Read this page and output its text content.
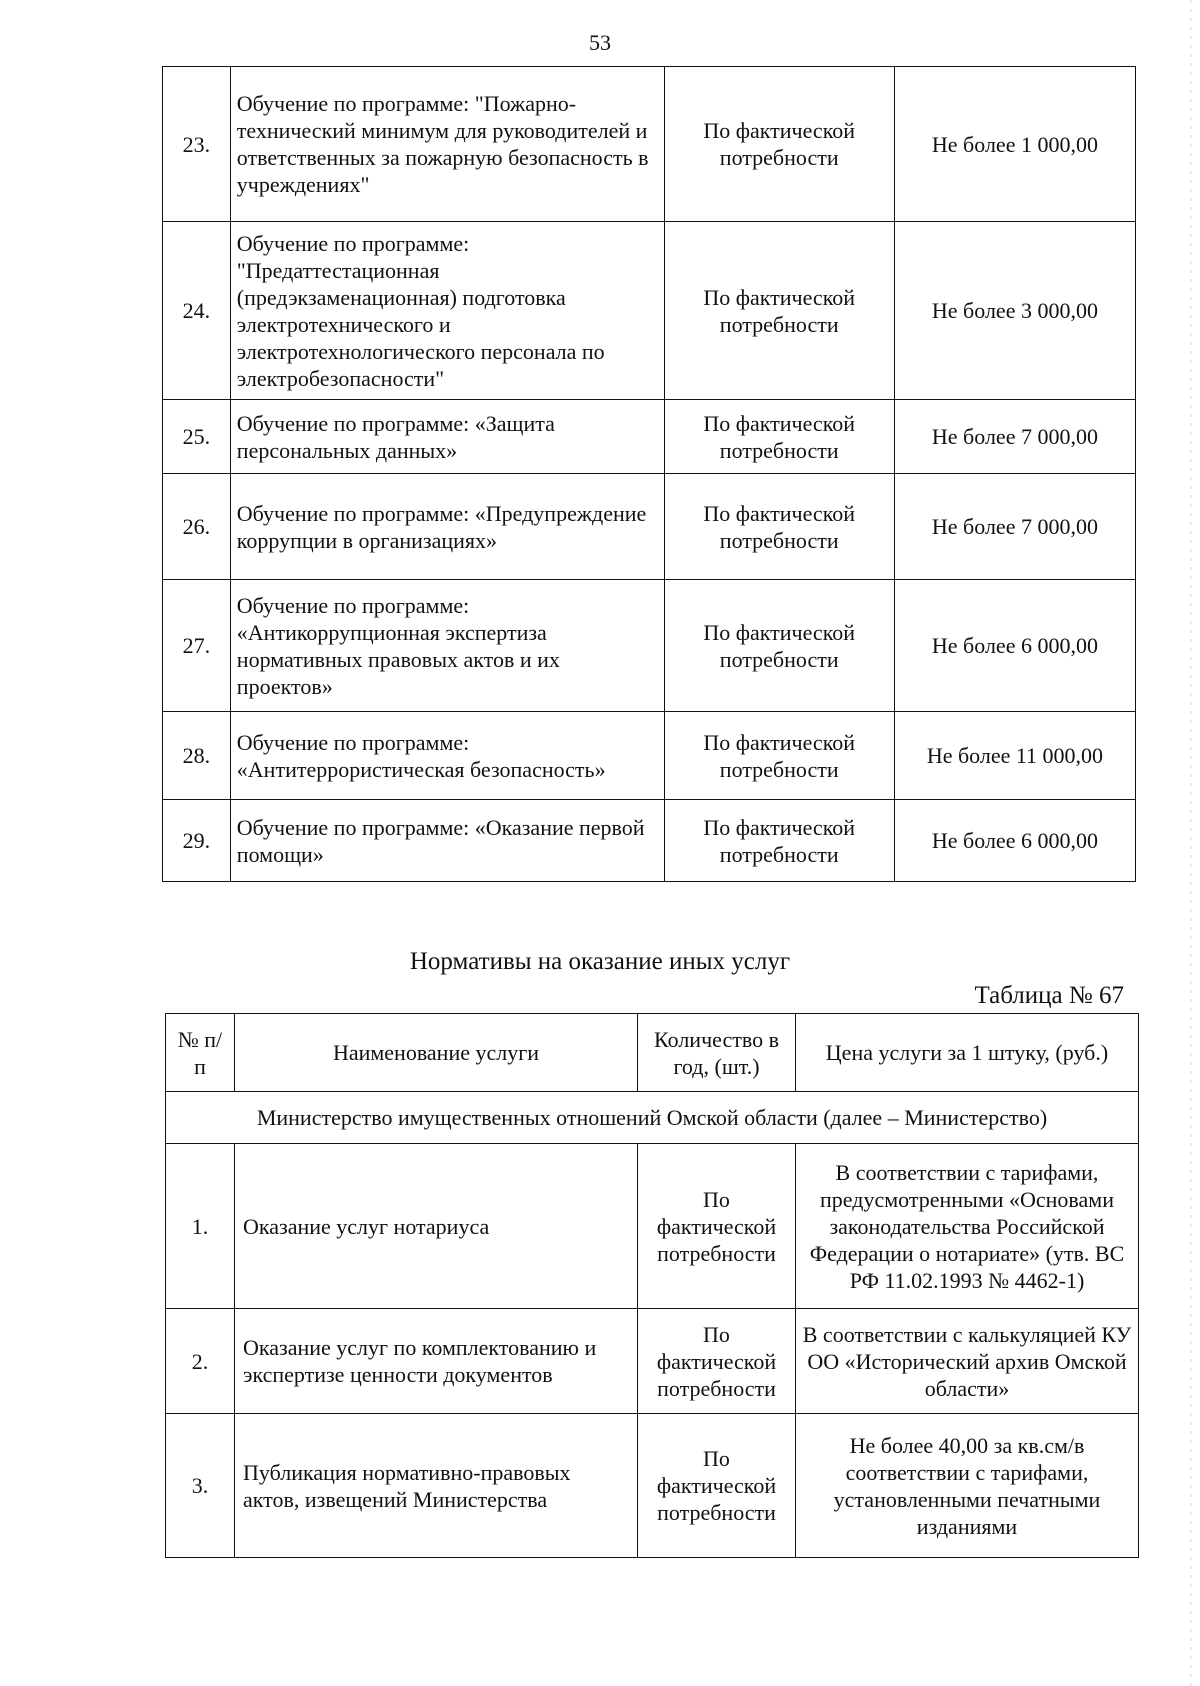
53
23.	Обучение по программе: "Пожарно-технический минимум для руководителей и ответственных за пожарную безопасность в учреждениях"	По фактической потребности	Не более 1 000,00
24.	Обучение по программе: "Предаттестационная (предэкзаменационная) подготовка электротехнического и электротехнологического персонала по электробезопасности"	По фактической потребности	Не более 3 000,00
25.	Обучение по программе: «Защита персональных данных»	По фактической потребности	Не более 7 000,00
26.	Обучение по программе: «Предупреждение коррупции в организациях»	По фактической потребности	Не более 7 000,00
27.	Обучение по программе: «Антикоррупционная экспертиза нормативных правовых актов и их проектов»	По фактической потребности	Не более 6 000,00
28.	Обучение по программе: «Антитеррористическая безопасность»	По фактической потребности	Не более 11 000,00
29.	Обучение по программе: «Оказание первой помощи»	По фактической потребности	Не более 6 000,00
Нормативы на оказание иных услуг
Таблица № 67
№ п/п	Наименование услуги	Количество в год, (шт.)	Цена услуги за 1 штуку, (руб.)
Министерство имущественных отношений Омской области (далее – Министерство)			
1.	Оказание услуг нотариуса	По фактической потребности	В соответствии с тарифами, предусмотренными «Основами законодательства Российской Федерации о нотариате» (утв. ВС РФ 11.02.1993 № 4462-1)
2.	Оказание услуг по комплектованию и экспертизе ценности документов	По фактической потребности	В соответствии с калькуляцией КУ ОО «Исторический архив Омской области»
3.	Публикация нормативно-правовых актов, извещений Министерства	По фактической потребности	Не более 40,00 за кв.см/в соответствии с тарифами, установленными печатными изданиями
